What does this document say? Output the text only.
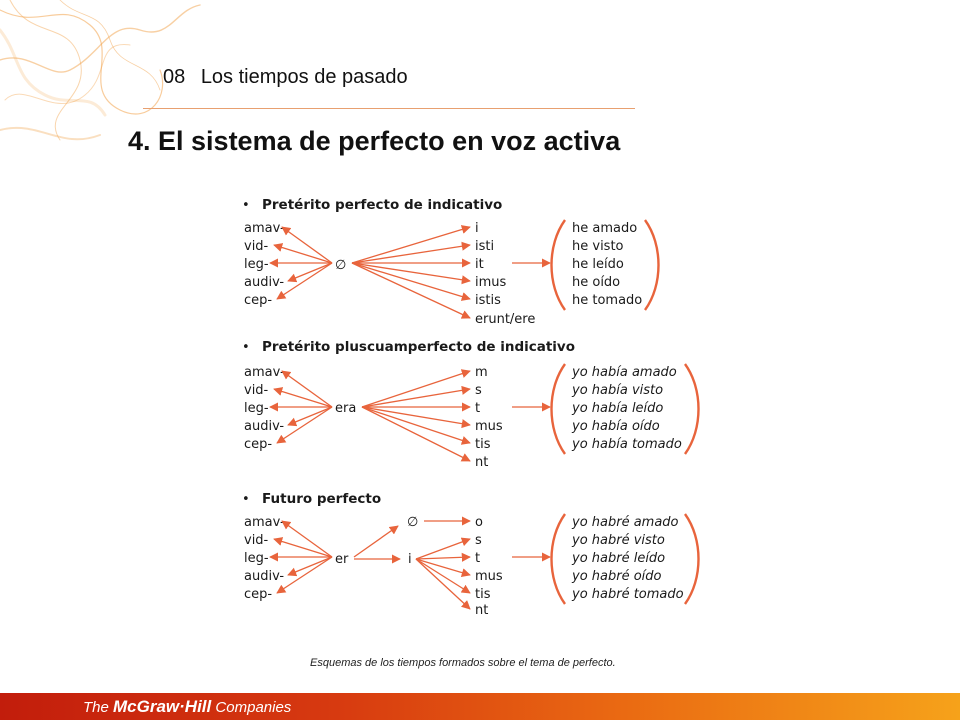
08 Los tiempos de pasado
4. El sistema de perfecto en voz activa
• Pretérito perfecto de indicativo
amav-
vid-
leg-
audiv-
cep-
∅
i
isti
it
imus
istis
erunt/ere
he amado
he visto
he leído
he oído
he tomado
• Pretérito pluscuamperfecto de indicativo
amav-
vid-
leg-
audiv-
cep-
era
m
s
t
mus
tis
nt
yo había amado
yo había visto
yo había leído
yo había oído
yo había tomado
• Futuro perfecto
amav-
vid-
leg-
audiv-
cep-
er
∅
i
o
s
t
mus
tis
nt
yo habré amado
yo habré visto
yo habré leído
yo habré oído
yo habré tomado
Esquemas de los tiempos formados sobre el tema de perfecto.
The McGraw·Hill Companies
